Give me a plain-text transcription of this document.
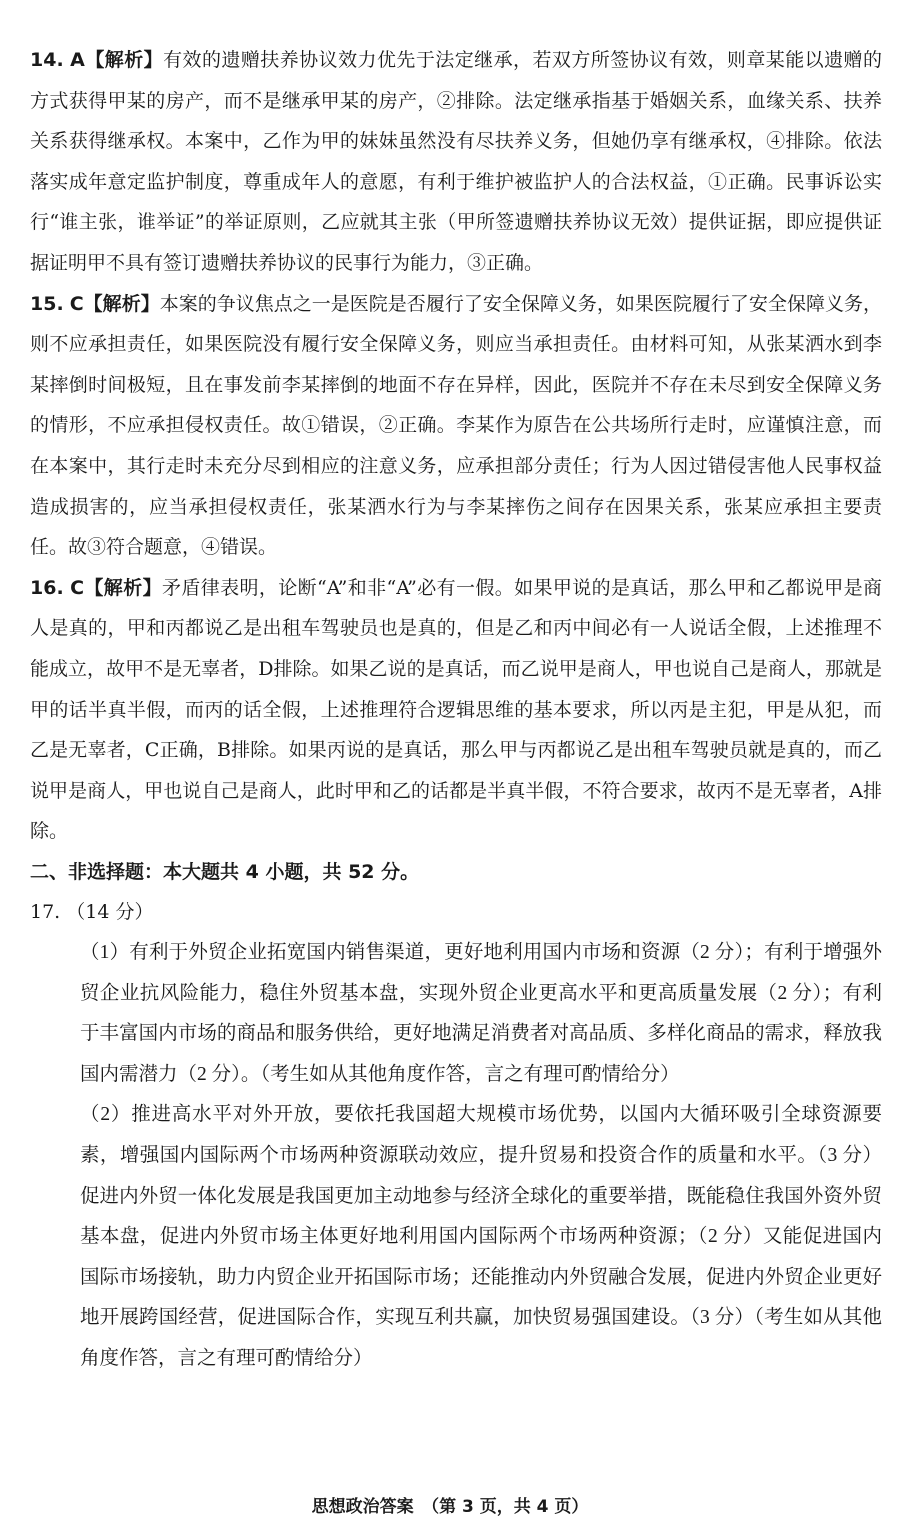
14. A【解析】有效的遗赠扶养协议效力优先于法定继承，若双方所签协议有效，则章某能以遗赠的方式获得甲某的房产，而不是继承甲某的房产，②排除。法定继承指基于婚姻关系，血缘关系、扶养关系获得继承权。本案中，乙作为甲的妹妹虽然没有尽扶养义务，但她仍享有继承权，④排除。依法落实成年意定监护制度，尊重成年人的意愿，有利于维护被监护人的合法权益，①正确。民事诉讼实行“谁主张，谁举证”的举证原则，乙应就其主张（甲所签遗赠扶养协议无效）提供证据，即应提供证据证明甲不具有签订遗赠扶养协议的民事行为能力，③正确。

15. C【解析】本案的争议焦点之一是医院是否履行了安全保障义务，如果医院履行了安全保障义务，则不应承担责任，如果医院没有履行安全保障义务，则应当承担责任。由材料可知，从张某洒水到李某摔倒时间极短，且在事发前李某摔倒的地面不存在异样，因此，医院并不存在未尽到安全保障义务的情形，不应承担侵权责任。故①错误，②正确。李某作为原告在公共场所行走时，应谨慎注意，而在本案中，其行走时未充分尽到相应的注意义务，应承担部分责任；行为人因过错侵害他人民事权益造成损害的，应当承担侵权责任，张某洒水行为与李某摔伤之间存在因果关系，张某应承担主要责任。故③符合题意，④错误。

16. C【解析】矛盾律表明，论断“A”和非“A”必有一假。如果甲说的是真话，那么甲和乙都说甲是商人是真的，甲和丙都说乙是出租车驾驶员也是真的，但是乙和丙中间必有一人说话全假，上述推理不能成立，故甲不是无辜者，D排除。如果乙说的是真话，而乙说甲是商人，甲也说自己是商人，那就是甲的话半真半假，而丙的话全假，上述推理符合逻辑思维的基本要求，所以丙是主犯，甲是从犯，而乙是无辜者，C正确，B排除。如果丙说的是真话，那么甲与丙都说乙是出租车驾驶员就是真的，而乙说甲是商人，甲也说自己是商人，此时甲和乙的话都是半真半假，不符合要求，故丙不是无辜者，A排除。

二、非选择题：本大题共 4 小题，共 52 分。

17. （14 分）

（1）有利于外贸企业拓宽国内销售渠道，更好地利用国内市场和资源（2 分）；有利于增强外贸企业抗风险能力，稳住外贸基本盘，实现外贸企业更高水平和更高质量发展（2 分）；有利于丰富国内市场的商品和服务供给，更好地满足消费者对高品质、多样化商品的需求，释放我国内需潜力（2 分）。（考生如从其他角度作答，言之有理可酌情给分）

（2）推进高水平对外开放，要依托我国超大规模市场优势，以国内大循环吸引全球资源要素，增强国内国际两个市场两种资源联动效应，提升贸易和投资合作的质量和水平。（3 分）促进内外贸一体化发展是我国更加主动地参与经济全球化的重要举措，既能稳住我国外资外贸基本盘，促进内外贸市场主体更好地利用国内国际两个市场两种资源；（2 分）又能促进国内国际市场接轨，助力内贸企业开拓国际市场；还能推动内外贸融合发展，促进内外贸企业更好地开展跨国经营，促进国际合作，实现互利共赢，加快贸易强国建设。（3 分）（考生如从其他角度作答，言之有理可酌情给分）

思想政治答案　（第 3 页，共 4 页）
